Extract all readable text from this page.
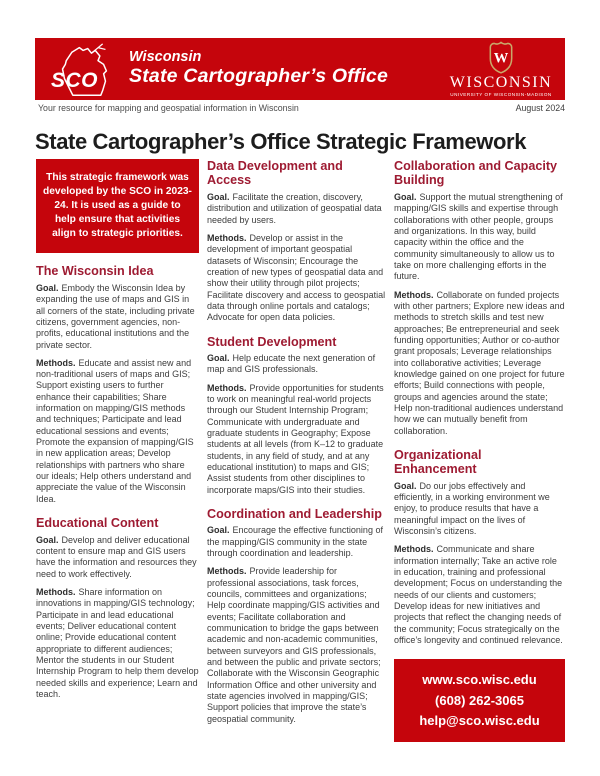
SCO
Wisconsin
State Cartographer’s Office
W
WISCONSIN
UNIVERSITY OF WISCONSIN-MADISON
Your resource for mapping and geospatial information in Wisconsin	August 2024
State Cartographer’s Office Strategic Framework
This strategic framework was developed by the SCO in 2023-24. It is used as a guide to help ensure that activities align to strategic priorities.
The Wisconsin Idea

Goal. Embody the Wisconsin Idea by expanding the use of maps and GIS in all corners of the state, including private citizens, government agencies, non-profits, educational institutions and the private sector.

Methods. Educate and assist new and non-traditional users of maps and GIS; Support existing users to further enhance their capabilities; Share information on mapping/GIS methods and techniques; Participate and lead educational sessions and events; Promote the expansion of mapping/GIS in new application areas; Develop relationships with partners who share our ideals; Help others understand and appreciate the value of the Wisconsin Idea.

Educational Content

Goal. Develop and deliver educational content to ensure map and GIS users have the information and resources they need to work effectively.

Methods. Share information on innovations in mapping/GIS technology; Participate in and lead educational events; Deliver educational content online; Provide educational content appropriate to different audiences; Mentor the students in our Student Internship Program to help them develop needed skills and experience; Learn and teach.

Data Development and Access

Goal. Facilitate the creation, discovery, distribution and utilization of geospatial data needed by users.

Methods. Develop or assist in the development of important geospatial datasets of Wisconsin; Encourage the creation of new types of geospatial data and show their utility through pilot projects; Facilitate discovery and access to geospatial data through online portals and catalogs; Advocate for open data policies.

Student Development

Goal. Help educate the next generation of map and GIS professionals.

Methods. Provide opportunities for students to work on meaningful real-world projects through our Student Internship Program; Communicate with undergraduate and graduate students in Geography; Expose students at all levels (from K–12 to graduate students, in any field of study, and at any educational institution) to maps and GIS; Assist students from other disciplines to incorporate maps/GIS into their studies.

Coordination and Leadership

Goal. Encourage the effective functioning of the mapping/GIS community in the state through coordination and leadership.

Methods. Provide leadership for professional associations, task forces, councils, committees and organizations; Help coordinate mapping/GIS activities and events; Facilitate collaboration and communication to bridge the gaps between academic and non-academic communities, between surveyors and GIS professionals, and between the public and private sectors; Collaborate with the Wisconsin Geographic Information Office and other university and state agencies involved in mapping/GIS; Support policies that improve the state’s geospatial community.

Collaboration and Capacity Building

Goal. Support the mutual strengthening of mapping/GIS skills and expertise through collaborations with other people, groups and organizations. In this way, build capacity within the office and the community simultaneously to allow us to take on more challenging efforts in the future.

Methods. Collaborate on funded projects with other partners; Explore new ideas and methods to stretch skills and test new approaches; Be entrepreneurial and seek funding opportunities; Author or co-author grant proposals; Leverage relationships into collaborative activities; Leverage knowledge gained on one project for future efforts; Build connections with people, groups and agencies around the state; Help non-traditional audiences understand how we can mutually benefit from collaboration.

Organizational Enhancement

Goal. Do our jobs effectively and efficiently, in a working environment we enjoy, to produce results that have a meaningful impact on the lives of Wisconsin’s citizens.

Methods. Communicate and share information internally; Take an active role in education, training and professional development; Focus on understanding the needs of our clients and customers; Develop ideas for new initiatives and projects that reflect the changing needs of the community; Focus strategically on the office’s longevity and continued relevance.

www.sco.wisc.edu
(608) 262-3065
help@sco.wisc.edu
